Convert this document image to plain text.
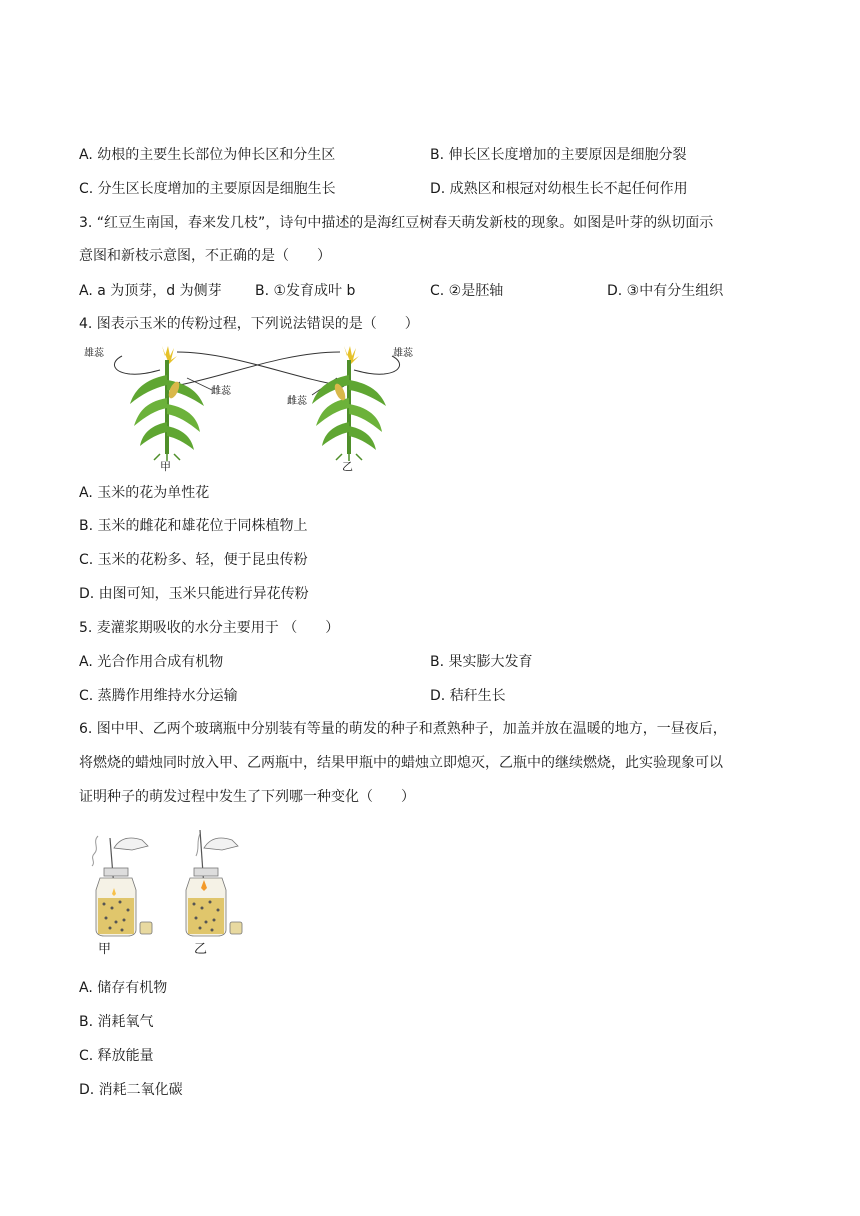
A. 幼根的主要生长部位为伸长区和分生区	B. 伸长区长度增加的主要原因是细胞分裂
C. 分生区长度增加的主要原因是细胞生长	D. 成熟区和根冠对幼根生长不起任何作用
3. “红豆生南国，春来发几枝”，诗句中描述的是海红豆树春天萌发新枝的现象。如图是叶芽的纵切面示
意图和新枝示意图，不正确的是（　　）
A. a 为顶芽，d 为侧芽 B. ①发育成叶 b	C. ②是胚轴	D. ③中有分生组织
4. 图表示玉米的传粉过程，下列说法错误的是（　　）
雄蕊
雌蕊
雄蕊
雌蕊
甲	乙
A. 玉米的花为单性花
B. 玉米的雌花和雄花位于同株植物上
C. 玉米的花粉多、轻，便于昆虫传粉
D. 由图可知，玉米只能进行异花传粉
5. 麦灌浆期吸收的水分主要用于 （　　）
A. 光合作用合成有机物	B. 果实膨大发育
C. 蒸腾作用维持水分运输	D. 秸秆生长
6. 图中甲、乙两个玻璃瓶中分别装有等量的萌发的种子和煮熟种子，加盖并放在温暖的地方，一昼夜后，
将燃烧的蜡烛同时放入甲、乙两瓶中，结果甲瓶中的蜡烛立即熄灭，乙瓶中的继续燃烧，此实验现象可以
证明种子的萌发过程中发生了下列哪一种变化（　　）
甲	乙
A. 储存有机物
B. 消耗氧气
C. 释放能量
D. 消耗二氧化碳
